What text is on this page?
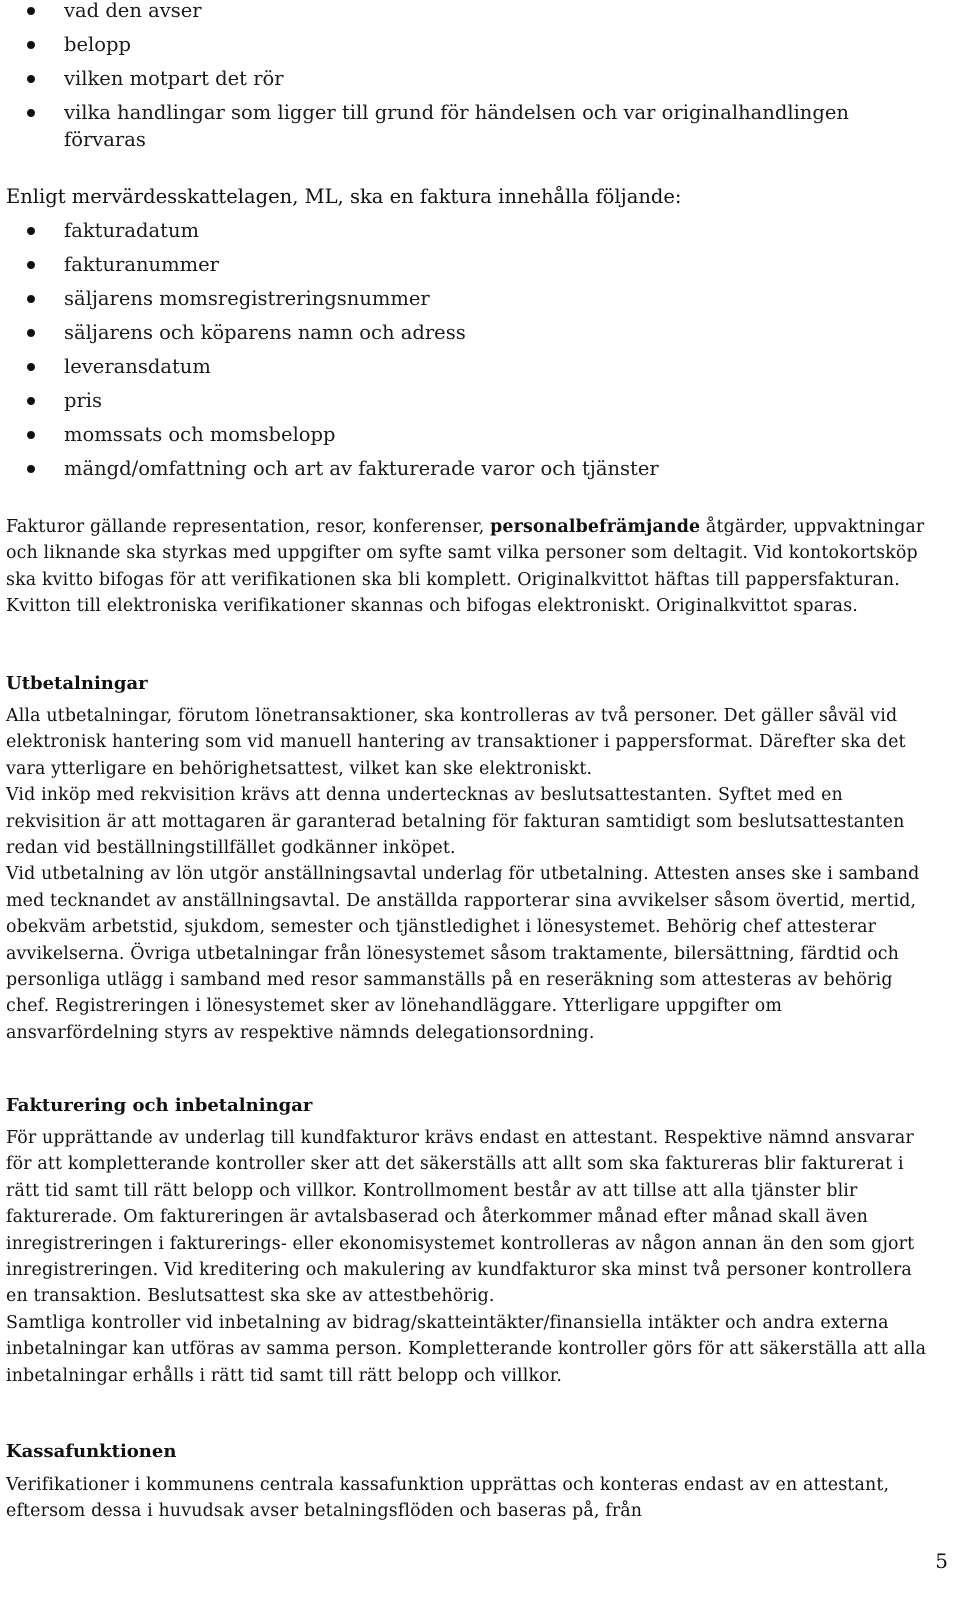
vad den avser
belopp
vilken motpart det rör
vilka handlingar som ligger till grund för händelsen och var originalhandlingen förvaras

Enligt mervärdesskattelagen, ML, ska en faktura innehålla följande:

fakturadatum
fakturanummer
säljarens momsregistreringsnummer
säljarens och köparens namn och adress
leveransdatum
pris
momssats och momsbelopp
mängd/omfattning och art av fakturerade varor och tjänster

Fakturor gällande representation, resor, konferenser, personalbefrämjande åtgärder, uppvaktningar och liknande ska styrkas med uppgifter om syfte samt vilka personer som deltagit. Vid kontokortsköp ska kvitto bifogas för att verifikationen ska bli komplett. Originalkvittot häftas till pappersfakturan. Kvitton till elektroniska verifikationer skannas och bifogas elektroniskt. Originalkvittot sparas.

Utbetalningar

Alla utbetalningar, förutom lönetransaktioner, ska kontrolleras av två personer. Det gäller såväl vid elektronisk hantering som vid manuell hantering av transaktioner i pappersformat. Därefter ska det vara ytterligare en behörighetsattest, vilket kan ske elektroniskt.

Vid inköp med rekvisition krävs att denna undertecknas av beslutsattestanten. Syftet med en rekvisition är att mottagaren är garanterad betalning för fakturan samtidigt som beslutsattestanten redan vid beställningstillfället godkänner inköpet.

Vid utbetalning av lön utgör anställningsavtal underlag för utbetalning. Attesten anses ske i samband med tecknandet av anställningsavtal. De anställda rapporterar sina avvikelser såsom övertid, mertid, obekväm arbetstid, sjukdom, semester och tjänstledighet i lönesystemet. Behörig chef attesterar avvikelserna. Övriga utbetalningar från lönesystemet såsom traktamente, bilersättning, färdtid och personliga utlägg i samband med resor sammanställs på en reseräkning som attesteras av behörig chef. Registreringen i lönesystemet sker av lönehandläggare. Ytterligare uppgifter om ansvarfördelning styrs av respektive nämnds delegationsordning.

Fakturering och inbetalningar

För upprättande av underlag till kundfakturor krävs endast en attestant. Respektive nämnd ansvarar för att kompletterande kontroller sker att det säkerställs att allt som ska faktureras blir fakturerat i rätt tid samt till rätt belopp och villkor. Kontrollmoment består av att tillse att alla tjänster blir fakturerade. Om faktureringen är avtalsbaserad och återkommer månad efter månad skall även inregistreringen i fakturerings- eller ekonomisystemet kontrolleras av någon annan än den som gjort inregistreringen. Vid kreditering och makulering av kundfakturor ska minst två personer kontrollera en transaktion. Beslutsattest ska ske av attestbehörig.

Samtliga kontroller vid inbetalning av bidrag/skatteintäkter/finansiella intäkter och andra externa inbetalningar kan utföras av samma person. Kompletterande kontroller görs för att säkerställa att alla inbetalningar erhålls i rätt tid samt till rätt belopp och villkor.

Kassafunktionen

Verifikationer i kommunens centrala kassafunktion upprättas och konteras endast av en attestant, eftersom dessa i huvudsak avser betalningsflöden och baseras på, från

5
